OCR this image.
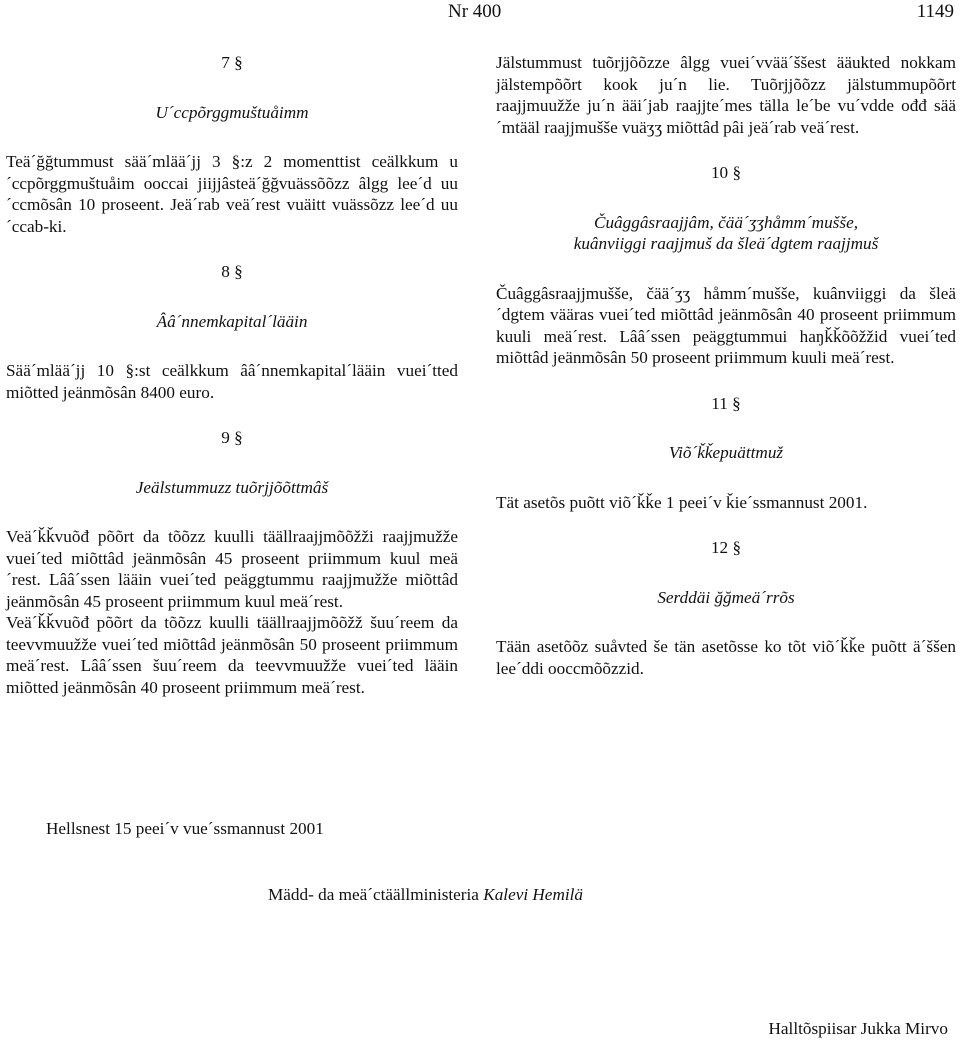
Nr 400	1149
7 §
U´ccpõrggmuštuåimm

Teä´ğğtummust sää´mlää´jj 3 §:z 2 momenttist ceälkkum u´ccpõrggmuštuåim ooccai jiijjâsteä´ğğvuässõõzz âlgg lee´d uu´ccmõsân 10 proseent. Jeä´rab veä´rest vuäitt vuässõzz lee´d uu´ccab-ki.

8 §
Ââ´nnemkapital´lääin

Sää´mlää´jj 10 §:st ceälkkum ââ´nnemkapital´lääin vuei´tted miõtted jeänmõsân 8400 euro.

9 §
Jeälstummuzz tuõrjjõõttmâš

Veä´ǩǩvuõđ põõrt da tõõzz kuulli täällraajjmõõžži raajjmužže vuei´ted miõttâd jeänmõsân 45 proseent priimmum kuul meä´rest. Lââ´ssen lääin vuei´ted peäggtummu raajjmužže miõttâd jeänmõsân 45 proseent priimmum kuul meä´rest.

Veä´ǩǩvuõđ põõrt da tõõzz kuulli täällraajjmõõžž šuu´reem da teevvmuužže vuei´ted miõttâd jeänmõsân 50 proseent priimmum meä´rest. Lââ´ssen šuu´reem da teevvmuužže vuei´ted lääin miõtted jeänmõsân 40 proseent priimmum meä´rest.

Jälstummust tuõrjjõõzze âlgg vuei´vvää´ššest ääukted nokkam jälstempõõrt kook ju´n lie. Tuõrjjõõzz jälstummupõõrt raajjmuužže ju´n ääi´jab raajjte´mes tälla le´be vu´vdde ođđ sää´mtääl raajjmušše vuäʒʒ miõttâd pâi jeä´rab veä´rest.

10 §
Čuâggâsraajjâm, čää´ʒʒhåmm´mušše,
kuânviiggi raajjmuš da šleä´dgtem raajjmuš

Čuâggâsraajjmušše, čää´ʒʒ håmm´mušše, kuânviiggi da šleä´dgtem vääras vuei´ted miõttâd jeänmõsân 40 proseent priimmum kuuli meä´rest. Lââ´ssen peäggtummui haŋǩǩõõžžid vuei´ted miõttâd jeänmõsân 50 proseent priimmum kuuli meä´rest.

11 §
Viõ´ǩǩepuättmuž

Tät asetõs puõtt viõ´ǩǩe 1 peei´v ǩie´ssmannust 2001.

12 §
Serddäi ğğmeä´rrõs

Tään asetõõz suåvted še tän asetõsse ko tõt viõ´ǩǩe puõtt ä´ššen lee´ddi ooccmõõzzid.

Hellsnest 15 peei´v vue´ssmannust 2001
Mädd- da meä´ctäällministeria Kalevi Hemilä
Halltõspiisar Jukka Mirvo
